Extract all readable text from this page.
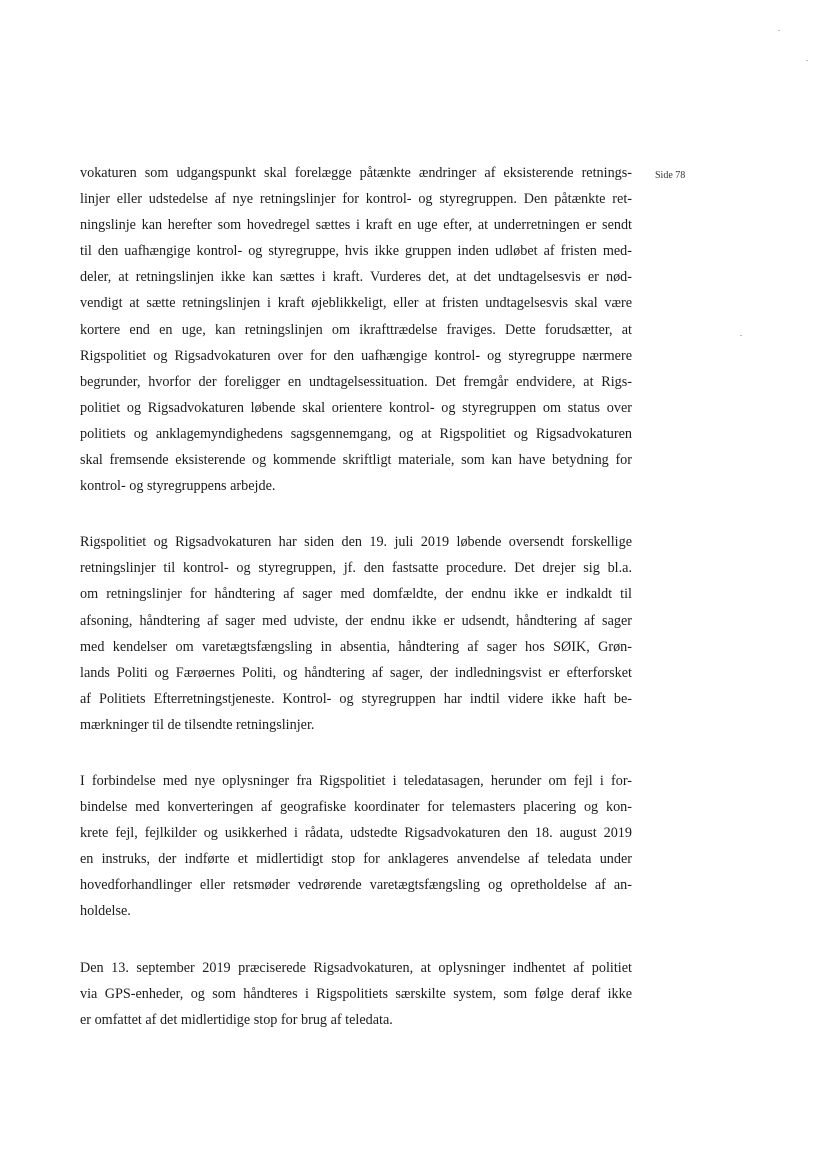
Side 78

vokaturen som udgangspunkt skal forelægge påtænkte ændringer af eksisterende retnings-
linjer eller udstedelse af nye retningslinjer for kontrol- og styregruppen. Den påtænkte ret-
ningslinje kan herefter som hovedregel sættes i kraft en uge efter, at underretningen er sendt
til den uafhængige kontrol- og styregruppe, hvis ikke gruppen inden udløbet af fristen med-
deler, at retningslinjen ikke kan sættes i kraft. Vurderes det, at det undtagelsesvis er nød-
vendigt at sætte retningslinjen i kraft øjeblikkeligt, eller at fristen undtagelsesvis skal være
kortere end en uge, kan retningslinjen om ikrafttrædelse fraviges. Dette forudsætter, at
Rigspolitiet og Rigsadvokaturen over for den uafhængige kontrol- og styregruppe nærmere
begrunder, hvorfor der foreligger en undtagelsessituation. Det fremgår endvidere, at Rigs-
politiet og Rigsadvokaturen løbende skal orientere kontrol- og styregruppen om status over
politiets og anklagemyndighedens sagsgennemgang, og at Rigspolitiet og Rigsadvokaturen
skal fremsende eksisterende og kommende skriftligt materiale, som kan have betydning for
kontrol- og styregruppens arbejde.

Rigspolitiet og Rigsadvokaturen har siden den 19. juli 2019 løbende oversendt forskellige
retningslinjer til kontrol- og styregruppen, jf. den fastsatte procedure. Det drejer sig bl.a.
om retningslinjer for håndtering af sager med domfældte, der endnu ikke er indkaldt til
afsoning, håndtering af sager med udviste, der endnu ikke er udsendt, håndtering af sager
med kendelser om varetægtsfængsling in absentia, håndtering af sager hos SØIK, Grøn-
lands Politi og Færøernes Politi, og håndtering af sager, der indledningsvist er efterforsket
af Politiets Efterretningstjeneste. Kontrol- og styregruppen har indtil videre ikke haft be-
mærkninger til de tilsendte retningslinjer.

I forbindelse med nye oplysninger fra Rigspolitiet i teledatasagen, herunder om fejl i for-
bindelse med konverteringen af geografiske koordinater for telemasters placering og kon-
krete fejl, fejlkilder og usikkerhed i rådata, udstedte Rigsadvokaturen den 18. august 2019
en instruks, der indførte et midlertidigt stop for anklageres anvendelse af teledata under
hovedforhandlinger eller retsmøder vedrørende varetægtsfængsling og opretholdelse af an-
holdelse.

Den 13. september 2019 præciserede Rigsadvokaturen, at oplysninger indhentet af politiet
via GPS-enheder, og som håndteres i Rigspolitiets særskilte system, som følge deraf ikke
er omfattet af det midlertidige stop for brug af teledata.
